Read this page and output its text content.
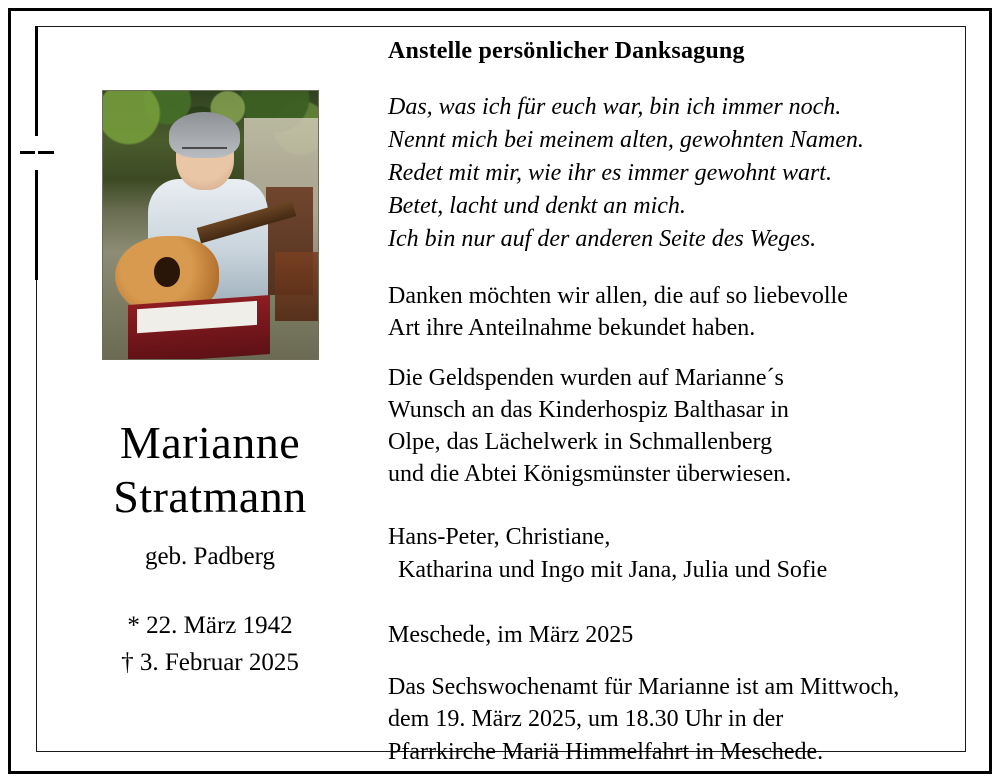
Marianne
Stratmann
geb. Padberg
* 22. März 1942
† 3. Februar 2025
Anstelle persönlicher Danksagung
Das, was ich für euch war, bin ich immer noch.
Nennt mich bei meinem alten, gewohnten Namen.
Redet mit mir, wie ihr es immer gewohnt wart.
Betet, lacht und denkt an mich.
Ich bin nur auf der anderen Seite des Weges.
Danken möchten wir allen, die auf so liebevolle
Art ihre Anteilnahme bekundet haben.
Die Geldspenden wurden auf Marianne´s
Wunsch an das Kinderhospiz Balthasar in
Olpe, das Lächelwerk in Schmallenberg
und die Abtei Königsmünster überwiesen.
Hans-Peter, Christiane,
Katharina und Ingo mit Jana, Julia und Sofie
Meschede, im März 2025
Das Sechswochenamt für Marianne ist am Mittwoch,
dem 19. März 2025, um 18.30 Uhr in der
Pfarrkirche Mariä Himmelfahrt in Meschede.
